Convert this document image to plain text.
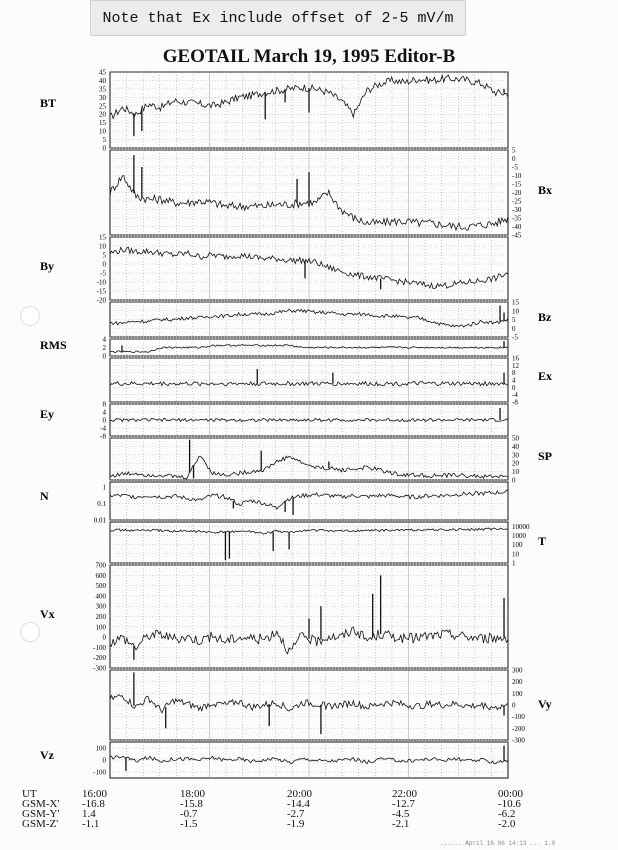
Note that Ex include offset of 2-5 mV/m
GEOTAIL March 19, 1995 Editor-B
0
5
10
15
20
25
30
35
40
45
BT
5
0
-5
-10
-15
-20
-25
-30
-35
-40
-45
Bx
15
10
5
0
-5
-10
-15
-20
By
15
10
5
0
-5
Bz
0
2
4
RMS
16
12
8
4
0
-4
-8
Ex
8
4
0
-4
-8
Ey
50
40
30
20
10
0
SP
1
0.1
0.01
N
10000
1000
100
10
1
T
700
600
500
400
300
200
100
0
-100
-200
-300
Vx
300
200
100
0
-100
-200
-300
Vy
100
0
-100
Vz
UT
GSM-X'
GSM-Y'
GSM-Z'
16:00
-16.8
1.4
-1.1
18:00
-15.8
-0.7
-1.5
20:00
-14.4
-2.7
-1.9
22:00
-12.7
-4.5
-2.1
00:00
-10.6
-6.2
-2.0
...... April 16 06 14:13 ... 1.0
